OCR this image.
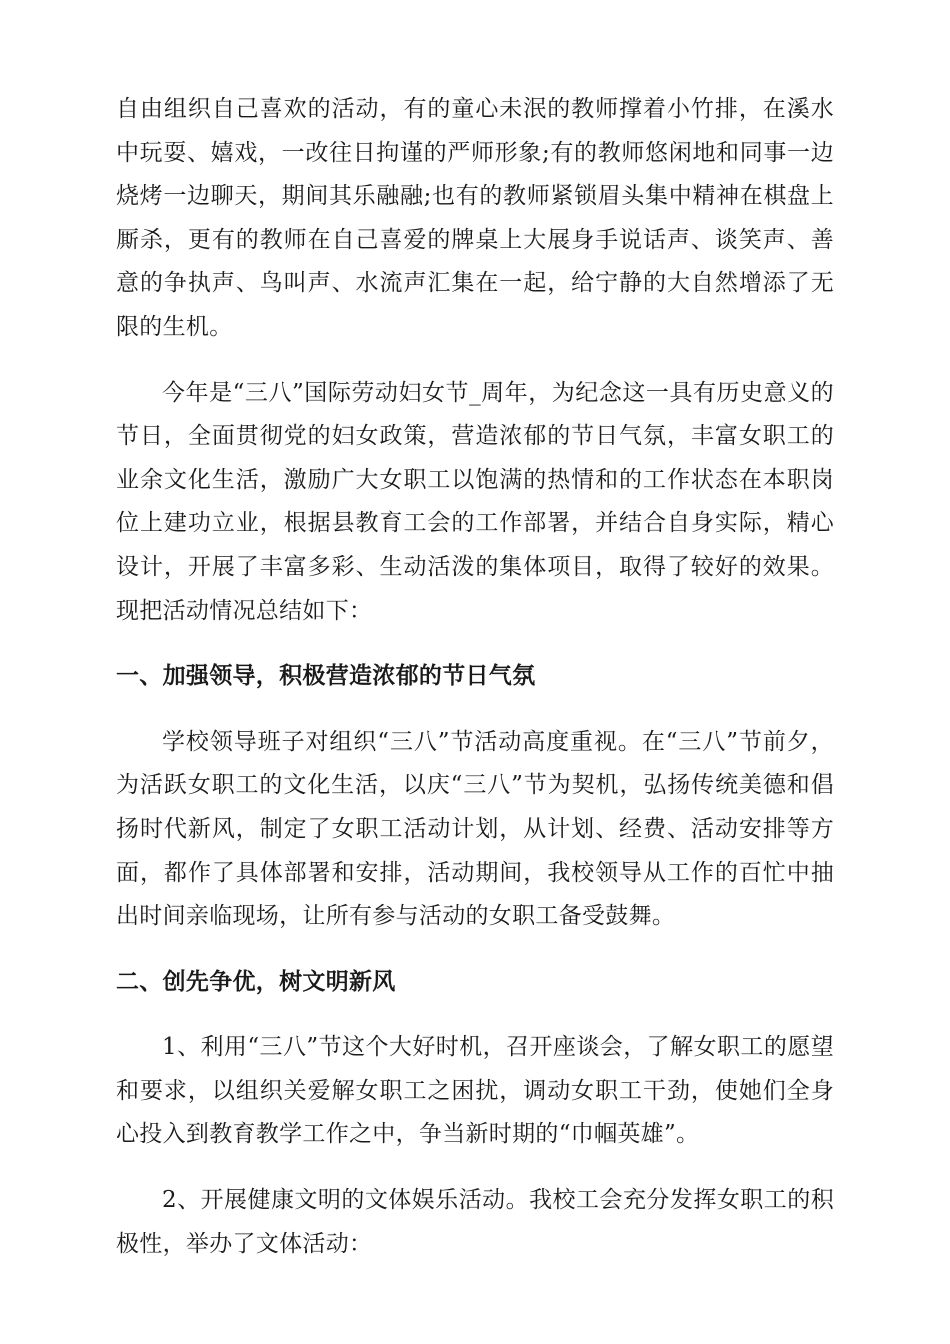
自由组织自己喜欢的活动，有的童心未泯的教师撑着小竹排，在溪水中玩耍、嬉戏，一改往日拘谨的严师形象;有的教师悠闲地和同事一边烧烤一边聊天，期间其乐融融;也有的教师紧锁眉头集中精神在棋盘上厮杀，更有的教师在自己喜爱的牌桌上大展身手说话声、谈笑声、善意的争执声、鸟叫声、水流声汇集在一起，给宁静的大自然增添了无限的生机。

今年是“三八”国际劳动妇女节_周年，为纪念这一具有历史意义的节日，全面贯彻党的妇女政策，营造浓郁的节日气氛，丰富女职工的业余文化生活，激励广大女职工以饱满的热情和的工作状态在本职岗位上建功立业，根据县教育工会的工作部署，并结合自身实际，精心设计，开展了丰富多彩、生动活泼的集体项目，取得了较好的效果。现把活动情况总结如下：

一、加强领导，积极营造浓郁的节日气氛

学校领导班子对组织“三八”节活动高度重视。在“三八”节前夕，为活跃女职工的文化生活，以庆“三八”节为契机，弘扬传统美德和倡扬时代新风，制定了女职工活动计划，从计划、经费、活动安排等方面，都作了具体部署和安排，活动期间，我校领导从工作的百忙中抽出时间亲临现场，让所有参与活动的女职工备受鼓舞。

二、创先争优，树文明新风

1、利用“三八”节这个大好时机，召开座谈会，了解女职工的愿望和要求，以组织关爱解女职工之困扰，调动女职工干劲，使她们全身心投入到教育教学工作之中，争当新时期的“巾帼英雄”。

2、开展健康文明的文体娱乐活动。我校工会充分发挥女职工的积极性，举办了文体活动：
